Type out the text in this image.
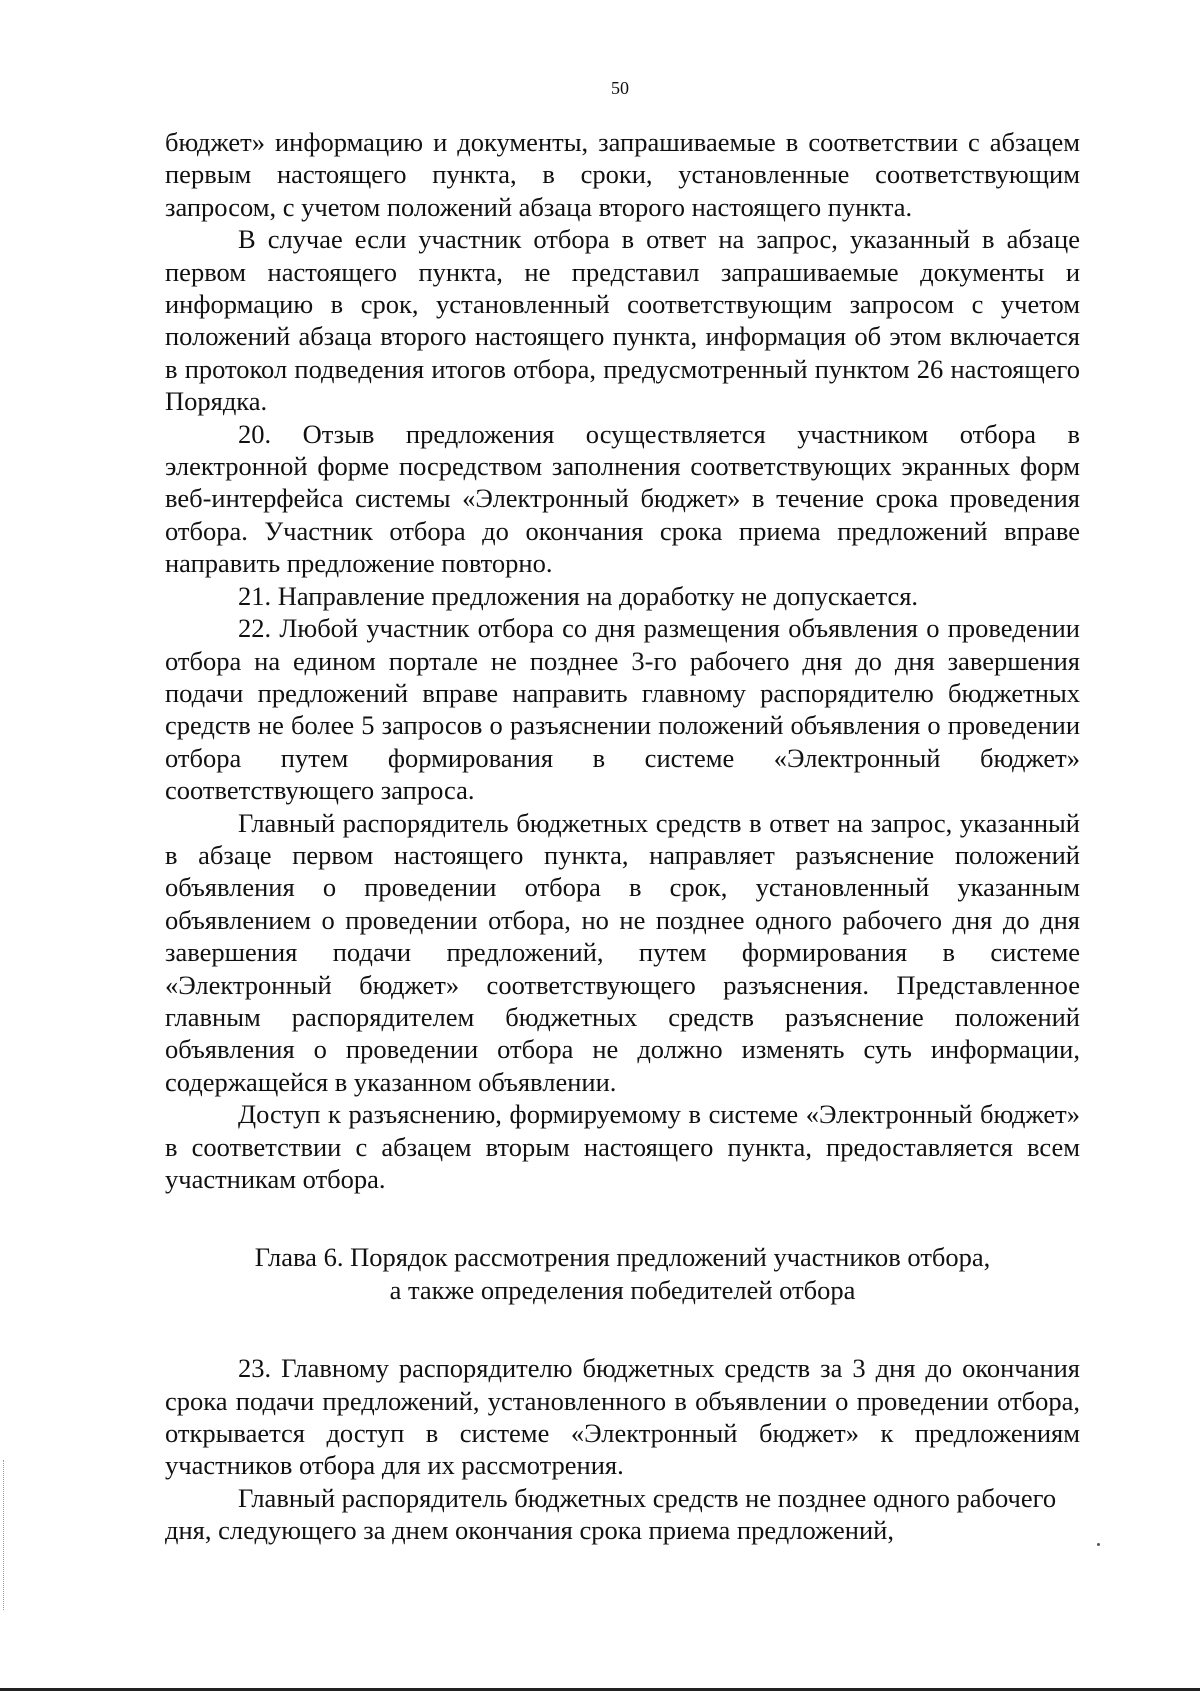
50

бюджет» информацию и документы, запрашиваемые в соответствии с абзацем первым настоящего пункта, в сроки, установленные соответствующим запросом, с учетом положений абзаца второго настоящего пункта.

В случае если участник отбора в ответ на запрос, указанный в абзаце первом настоящего пункта, не представил запрашиваемые документы и информацию в срок, установленный соответствующим запросом с учетом положений абзаца второго настоящего пункта, информация об этом включается в протокол подведения итогов отбора, предусмотренный пунктом 26 настоящего Порядка.

20. Отзыв предложения осуществляется участником отбора в электронной форме посредством заполнения соответствующих экранных форм веб-интерфейса системы «Электронный бюджет» в течение срока проведения отбора. Участник отбора до окончания срока приема предложений вправе направить предложение повторно.

21. Направление предложения на доработку не допускается.

22. Любой участник отбора со дня размещения объявления о проведении отбора на едином портале не позднее 3-го рабочего дня до дня завершения подачи предложений вправе направить главному распорядителю бюджетных средств не более 5 запросов о разъяснении положений объявления о проведении отбора путем формирования в системе «Электронный бюджет» соответствующего запроса.

Главный распорядитель бюджетных средств в ответ на запрос, указанный в абзаце первом настоящего пункта, направляет разъяснение положений объявления о проведении отбора в срок, установленный указанным объявлением о проведении отбора, но не позднее одного рабочего дня до дня завершения подачи предложений, путем формирования в системе «Электронный бюджет» соответствующего разъяснения. Представленное главным распорядителем бюджетных средств разъяснение положений объявления о проведении отбора не должно изменять суть информации, содержащейся в указанном объявлении.

Доступ к разъяснению, формируемому в системе «Электронный бюджет» в соответствии с абзацем вторым настоящего пункта, предоставляется всем участникам отбора.

Глава 6. Порядок рассмотрения предложений участников отбора,
а также определения победителей отбора

23. Главному распорядителю бюджетных средств за 3 дня до окончания срока подачи предложений, установленного в объявлении о проведении отбора, открывается доступ в системе «Электронный бюджет» к предложениям участников отбора для их рассмотрения.

Главный распорядитель бюджетных средств не позднее одного рабочего дня, следующего за днем окончания срока приема предложений,
